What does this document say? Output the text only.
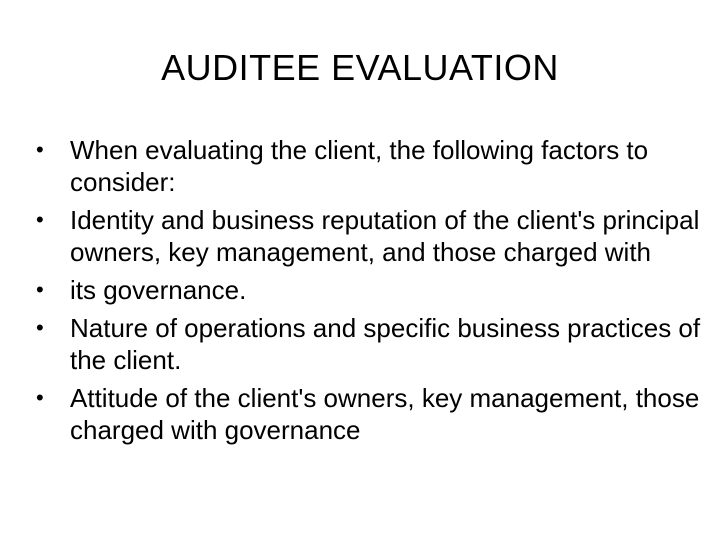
AUDITEE EVALUATION
•	When evaluating the client, the following factors to consider:
•	Identity and business reputation of the client's principal owners, key management, and those charged with
•	its governance.
•	Nature of operations and specific business practices of the client.
•	Attitude of the client's owners, key management, those charged with governance
